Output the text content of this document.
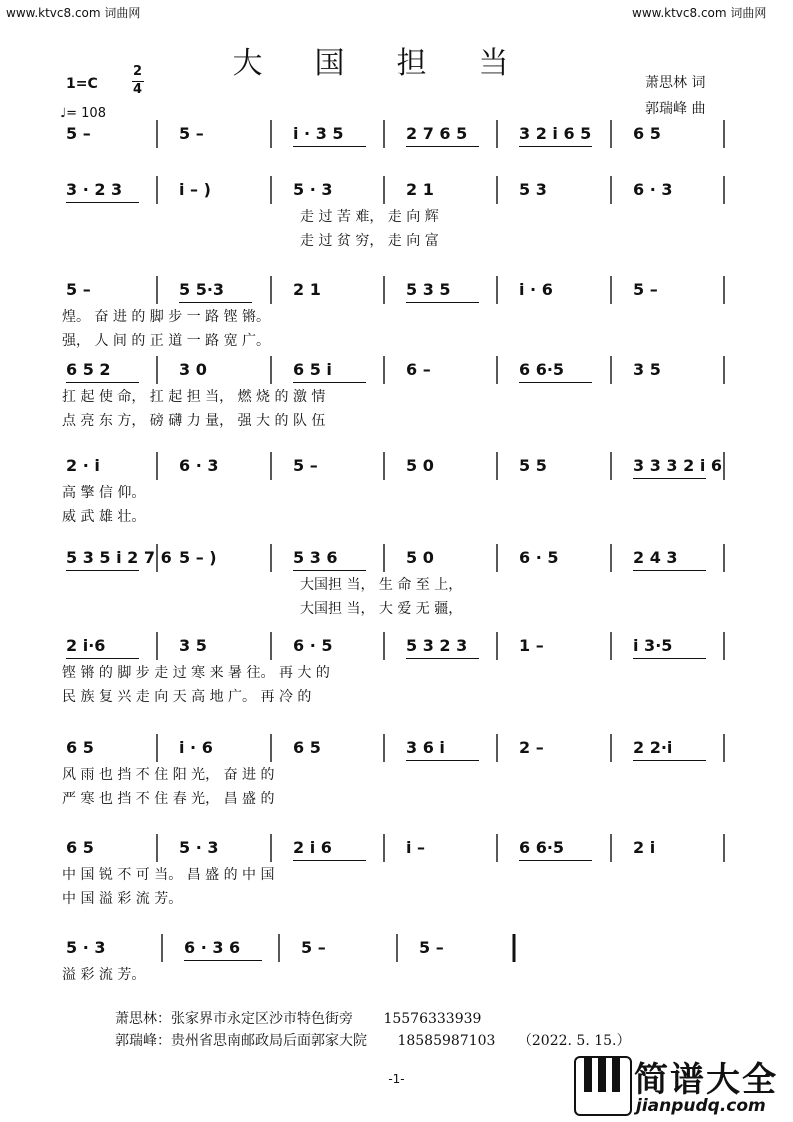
www.ktvc8.com 词曲网	www.ktvc8.com 词曲网
大国担当
1=C
2
4
♩= 108
萧思林 词
郭瑞峰 曲
5 –	5 –	i · 3 5	2 7 6 5	3 2 i 6 5	6 5
3 · 2 3	i – )	5 · 3	2 1	5 3	6 · 3
走 过 苦 难， 走 向 辉
走 过 贫 穷， 走 向 富
5 –	5 5·3	2 1	5 3 5	i · 6	5 –
煌。 奋 进 的 脚 步 一 路 铿 锵。
强， 人 间 的 正 道 一 路 宽 广。
6 5 2	3 0	6 5 i	6 –	6 6·5	3 5
扛 起 使 命， 扛 起 担 当， 燃 烧 的 激 情
点 亮 东 方， 磅 礴 力 量， 强 大 的 队 伍
2 · i	6 · 3	5 –	5 0	5 5	3 3 3 2 i 6
高 擎 信 仰。
威 武 雄 壮。
5 3 5 i 2 7 6 5 – )	5 3 6	5 0	6 · 5	2 4 3
大国担 当， 生 命 至 上，
大国担 当， 大 爱 无 疆，
2 i·6	3 5	6 · 5	5 3 2 3	1 –	i 3·5
铿 锵 的 脚 步 走 过 寒 来 暑 往。 再 大 的
民 族 复 兴 走 向 天 高 地 广。 再 冷 的
6 5	i · 6	6 5	3 6 i	2 –	2 2·i
风 雨 也 挡 不 住 阳 光， 奋 进 的
严 寒 也 挡 不 住 春 光， 昌 盛 的
6 5	5 · 3	2 i 6	i –	6 6·5	2 i
中 国 锐 不 可 当。 昌 盛 的 中 国
中 国 溢 彩 流 芳。
5 · 3	6 · 3 6	5 –	5 –
溢 彩 流 芳。
萧思林：张家界市永定区沙市特色街旁 15576333939
郭瑞峰：贵州省思南邮政局后面郭家大院 18585987103 （2022. 5. 15.）
-1-	简谱大全
jianpudq.com
